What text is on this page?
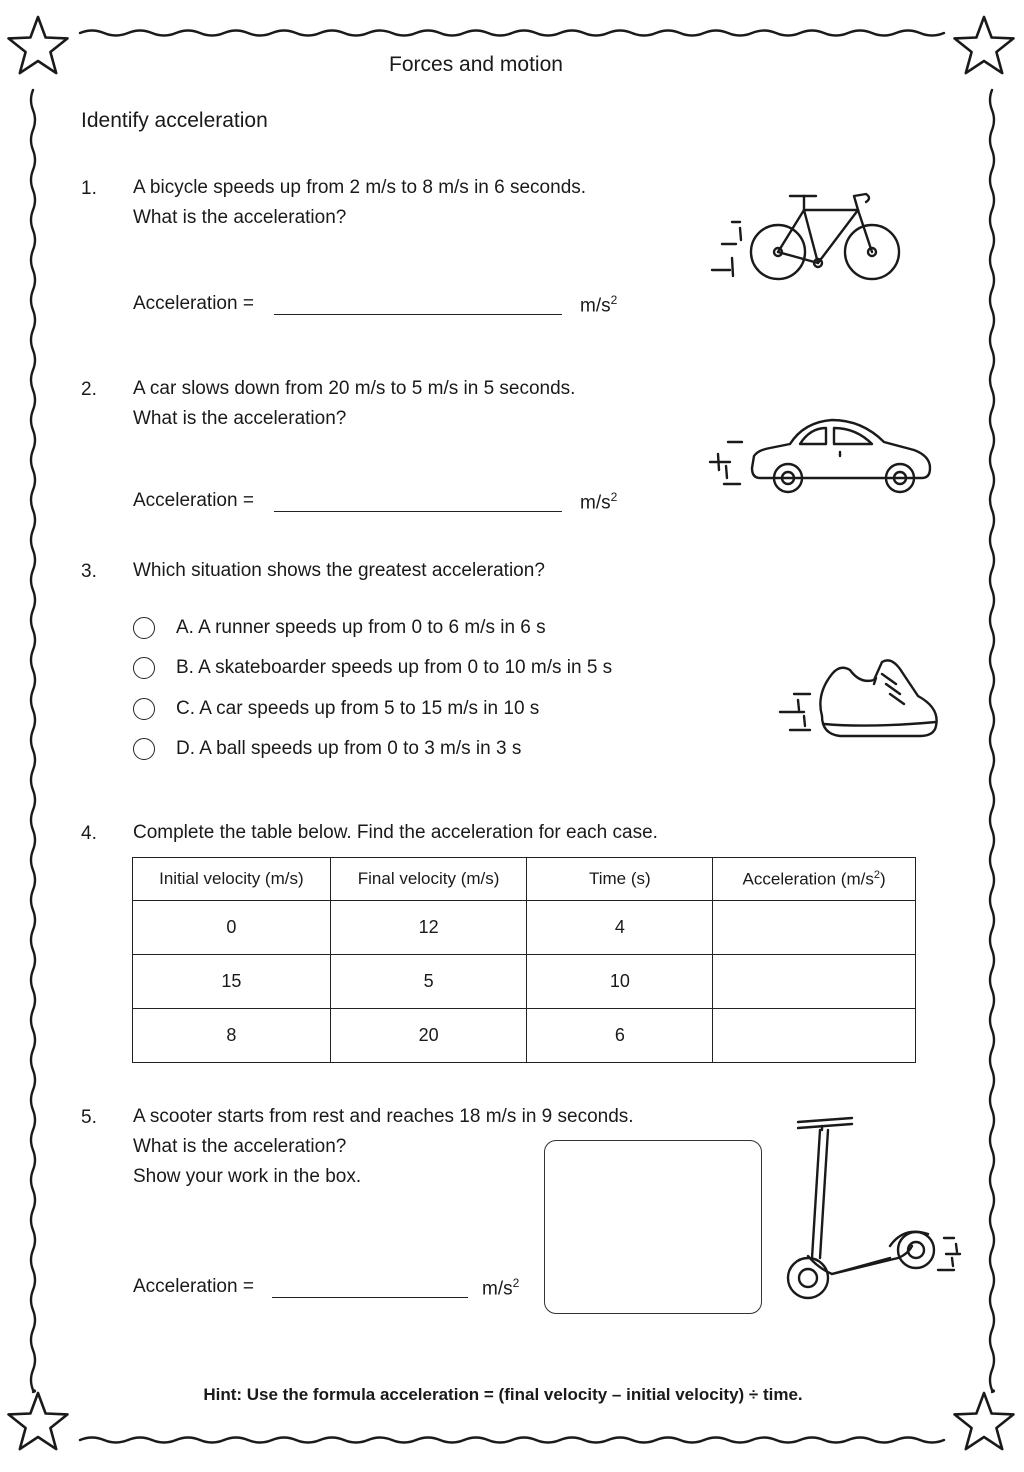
Forces and motion
Identify acceleration
1. A bicycle speeds up from 2 m/s to 8 m/s in 6 seconds.
What is the acceleration?
Acceleration =	$m/s^2$
2. A car slows down from 20 m/s to 5 m/s in 5 seconds.
What is the acceleration?
Acceleration =	$m/s^2$
3. Which situation shows the greatest acceleration?
A. A runner speeds up from 0 to 6 m/s in 6 s
B. A skateboarder speeds up from 0 to 10 m/s in 5 s
C. A car speeds up from 5 to 15 m/s in 10 s
D. A ball speeds up from 0 to 3 m/s in 3 s
4. Complete the table below. Find the acceleration for each case.
Initial velocity (m/s)	Final velocity (m/s)	Time (s)	Acceleration $(m/s^2)$
0	12	4	
15	5	10	
8	20	6	
5. A scooter starts from rest and reaches 18 m/s in 9 seconds.
What is the acceleration?
Show your work in the box.
Acceleration =	$m/s^2$
Hint: Use the formula acceleration = (final velocity – initial velocity) ÷ time.
